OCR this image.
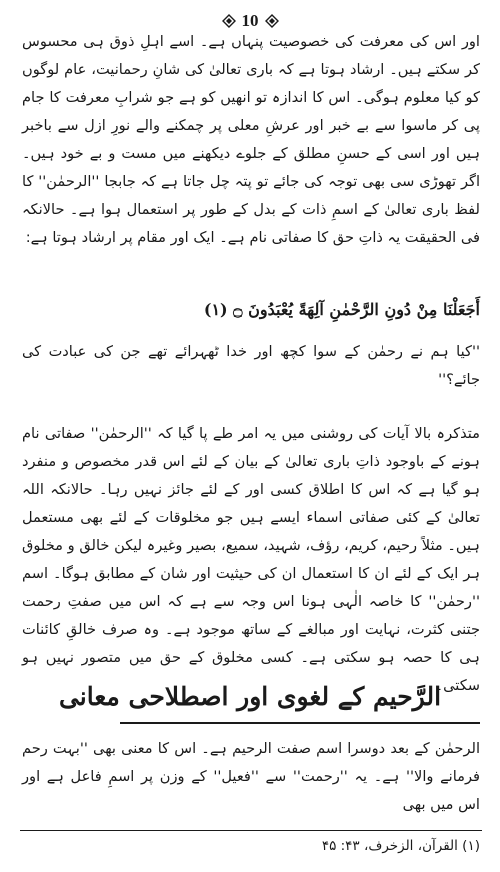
10

اور اس کی معرفت کی خصوصیت پنہاں ہے۔ اسے اہلِ ذوق ہی محسوس کر سکتے ہیں۔ ارشاد ہوتا ہے کہ باری تعالیٰ کی شانِ رحمانیت، عام لوگوں کو کیا معلوم ہوگی۔ اس کا اندازہ تو انھیں کو ہے جو شرابِ معرفت کا جام پی کر ماسوا سے بے خبر اور عرشِ معلی پر چمکنے والے نورِ ازل سے باخبر ہیں اور اسی کے حسنِ مطلق کے جلوے دیکھنے میں مست و بے خود ہیں۔ اگر تھوڑی سی بھی توجہ کی جائے تو پتہ چل جاتا ہے کہ جابجا ''الرحمٰن'' کا لفظ باری تعالیٰ کے اسمِ ذات کے بدل کے طور پر استعمال ہوا ہے۔ حالانکہ فی الحقیقت یہ ذاتِ حق کا صفاتی نام ہے۔ ایک اور مقام پر ارشاد ہوتا ہے:

أَجَعَلْنَا مِنْ دُونِ الرَّحْمٰنِ آلِهَةً يُعْبَدُونَ ۝ (۱)

''کیا ہم نے رحمٰن کے سوا کچھ اور خدا ٹھہرائے تھے جن کی عبادت کی جائے؟''

متذکرہ بالا آیات کی روشنی میں یہ امر طے پا گیا کہ ''الرحمٰن'' صفاتی نام ہونے کے باوجود ذاتِ باری تعالیٰ کے بیان کے لئے اس قدر مخصوص و منفرد ہو گیا ہے کہ اس کا اطلاق کسی اور کے لئے جائز نہیں رہا۔ حالانکہ اللہ تعالیٰ کے کئی صفاتی اسماء ایسے ہیں جو مخلوقات کے لئے بھی مستعمل ہیں۔ مثلاً رحیم، کریم، رؤف، شہید، سمیع، بصیر وغیرہ لیکن خالق و مخلوق ہر ایک کے لئے ان کا استعمال ان کی حیثیت اور شان کے مطابق ہوگا۔ اسم ''رحمٰن'' کا خاصہ الٰہی ہونا اس وجہ سے ہے کہ اس میں صفتِ رحمت جتنی کثرت، نہایت اور مبالغے کے ساتھ موجود ہے۔ وہ صرف خالقِ کائنات ہی کا حصہ ہو سکتی ہے۔ کسی مخلوق کے حق میں متصور نہیں ہو سکتی۔

الرَّحیم کے لغوی اور اصطلاحی معانی

الرحمٰن کے بعد دوسرا اسم صفت الرحیم ہے۔ اس کا معنی بھی ''بہت رحم فرمانے والا'' ہے۔ یہ ''رحمت'' سے ''فعیل'' کے وزن پر اسمِ فاعل ہے اور اس میں بھی

(۱) القرآن، الزخرف، ۴۳: ۴۵
